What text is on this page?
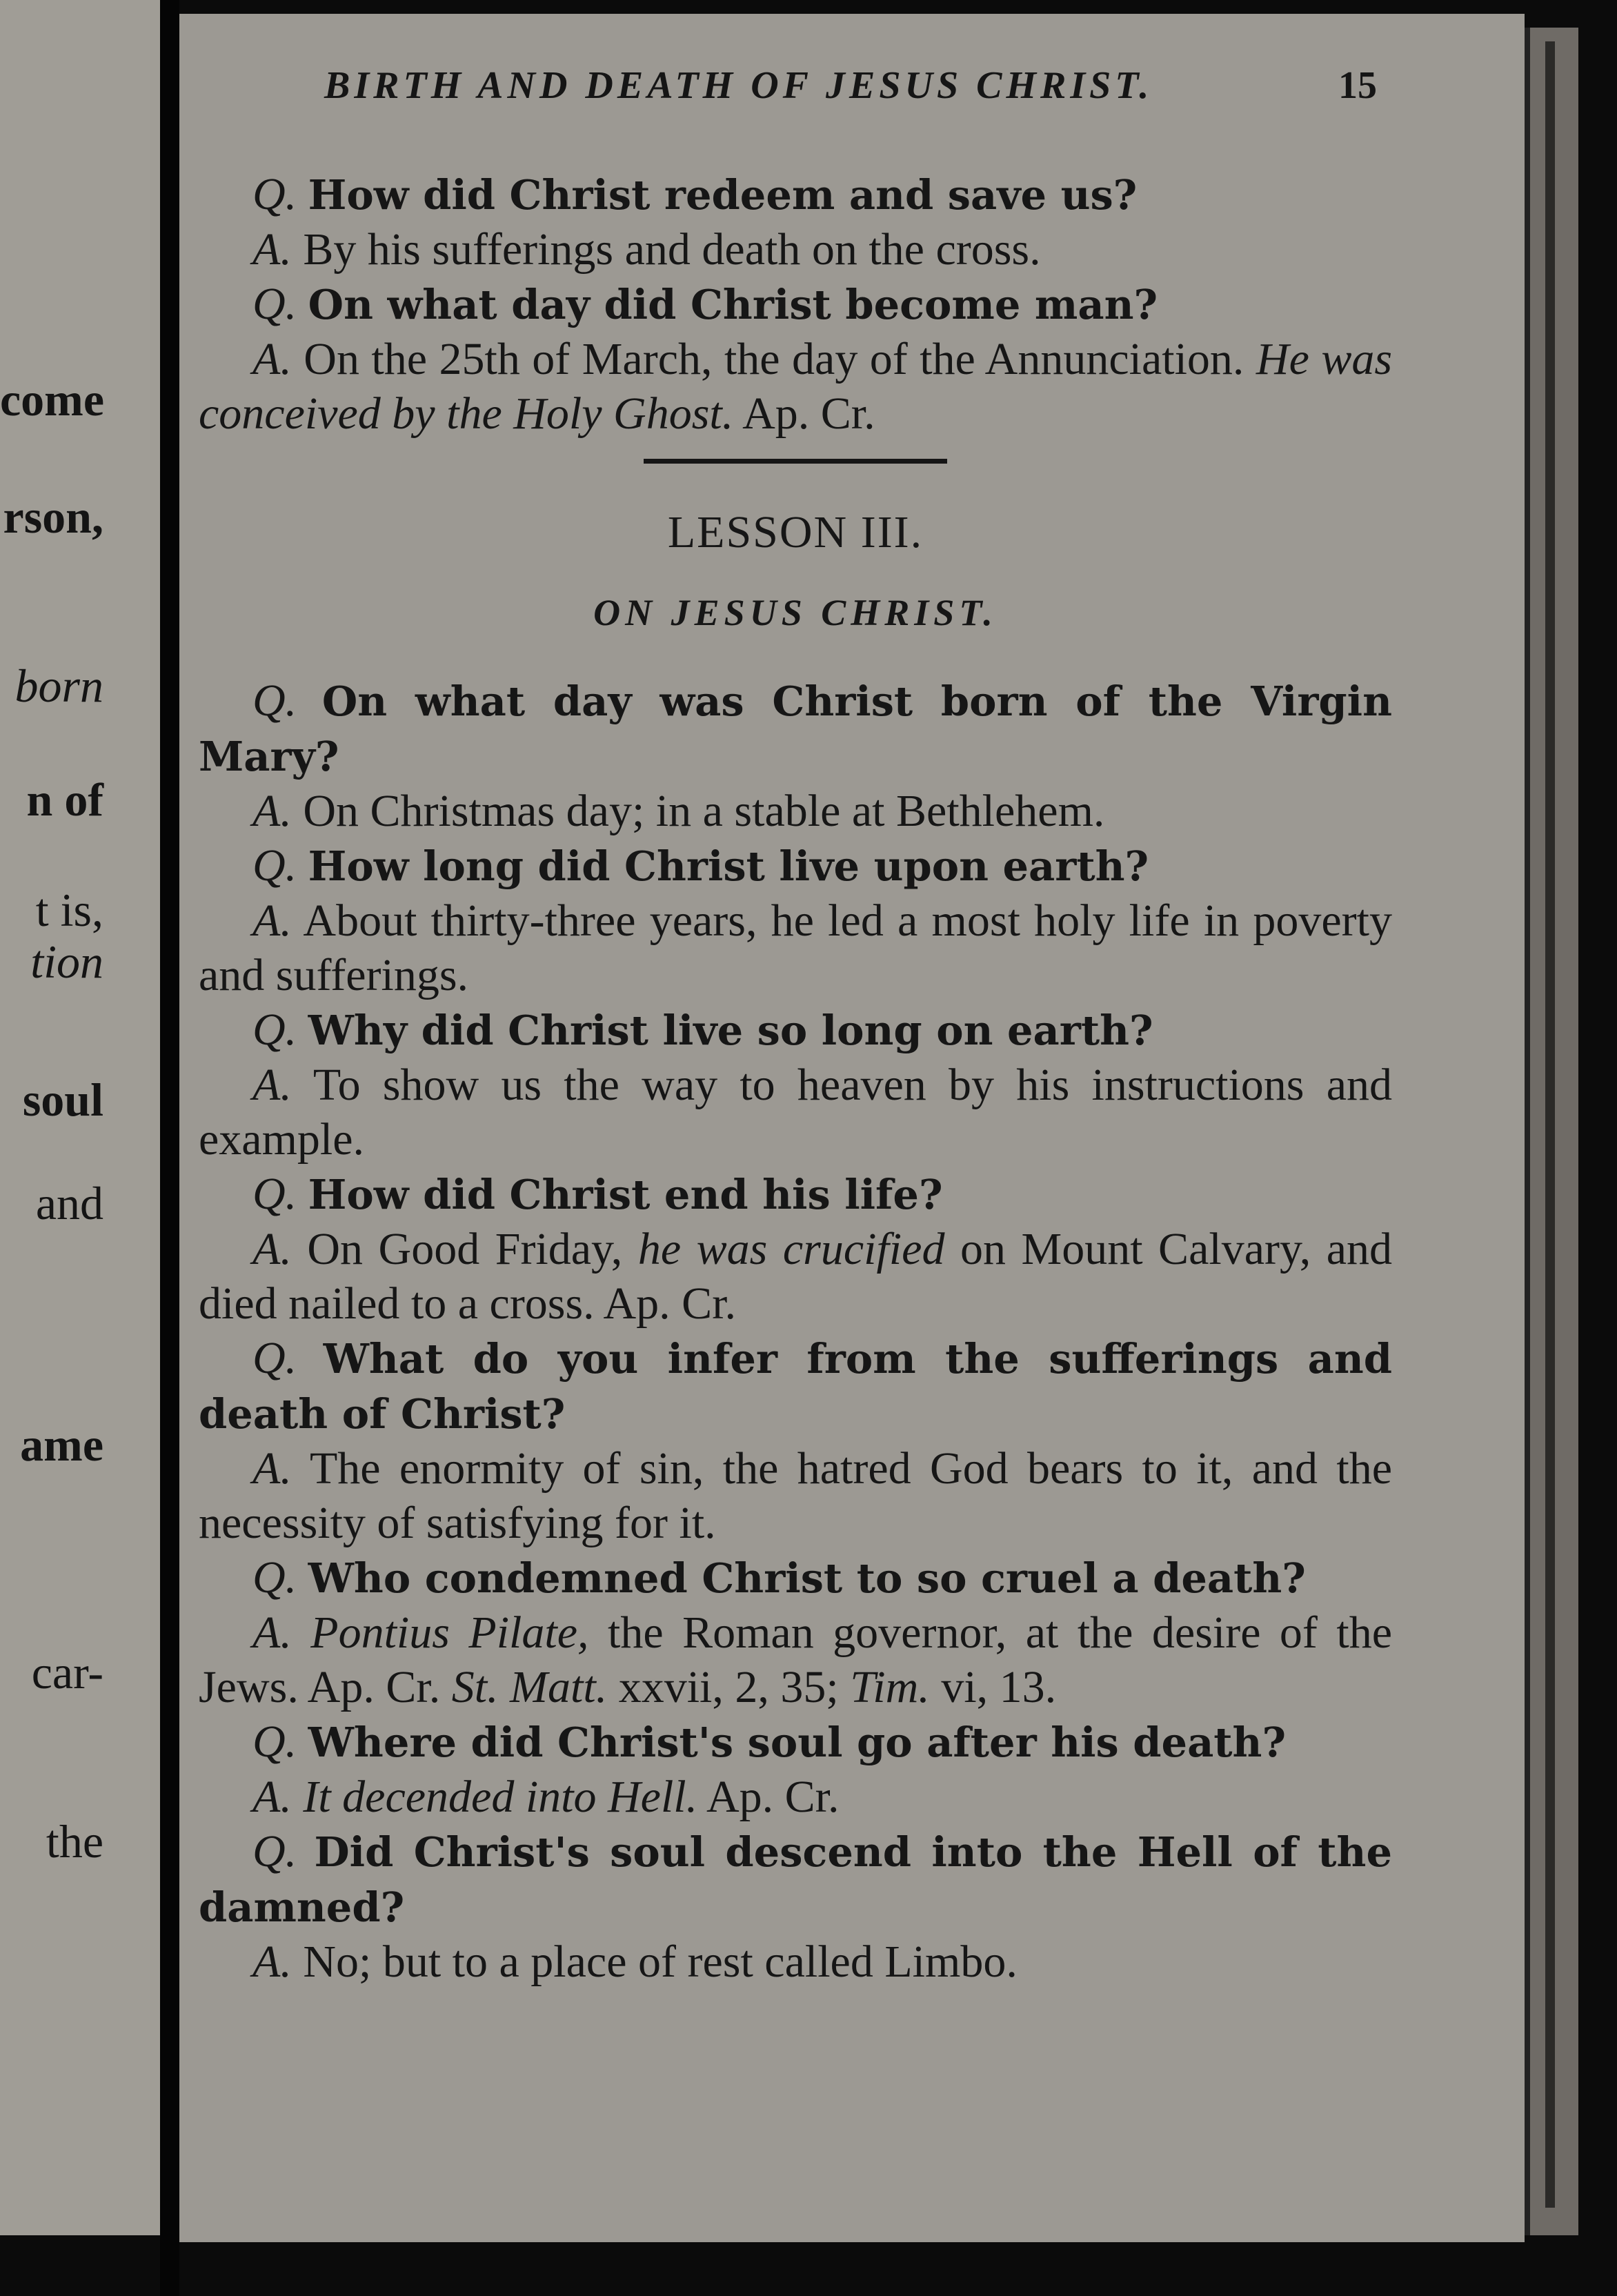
come
rson,
born
n of
t is,
tion
soul
and
ame
car-
the
BIRTH AND DEATH OF JESUS CHRIST.	15

Q. How did Christ redeem and save us?

A. By his sufferings and death on the cross.

Q. On what day did Christ become man?

A. On the 25th of March, the day of the Annunciation. He was conceived by the Holy Ghost. Ap. Cr.

LESSON III.
ON JESUS CHRIST.

Q. On what day was Christ born of the Virgin Mary?

A. On Christmas day; in a stable at Bethlehem.

Q. How long did Christ live upon earth?

A. About thirty-three years, he led a most holy life in poverty and sufferings.

Q. Why did Christ live so long on earth?

A. To show us the way to heaven by his instructions and example.

Q. How did Christ end his life?

A. On Good Friday, he was crucified on Mount Calvary, and died nailed to a cross. Ap. Cr.

Q. What do you infer from the sufferings and death of Christ?

A. The enormity of sin, the hatred God bears to it, and the necessity of satisfying for it.

Q. Who condemned Christ to so cruel a death?

A. Pontius Pilate, the Roman governor, at the desire of the Jews. Ap. Cr. St. Matt. xxvii, 2, 35; Tim. vi, 13.

Q. Where did Christ's soul go after his death?

A. It decended into Hell. Ap. Cr.

Q. Did Christ's soul descend into the Hell of the damned?

A. No; but to a place of rest called Limbo.
